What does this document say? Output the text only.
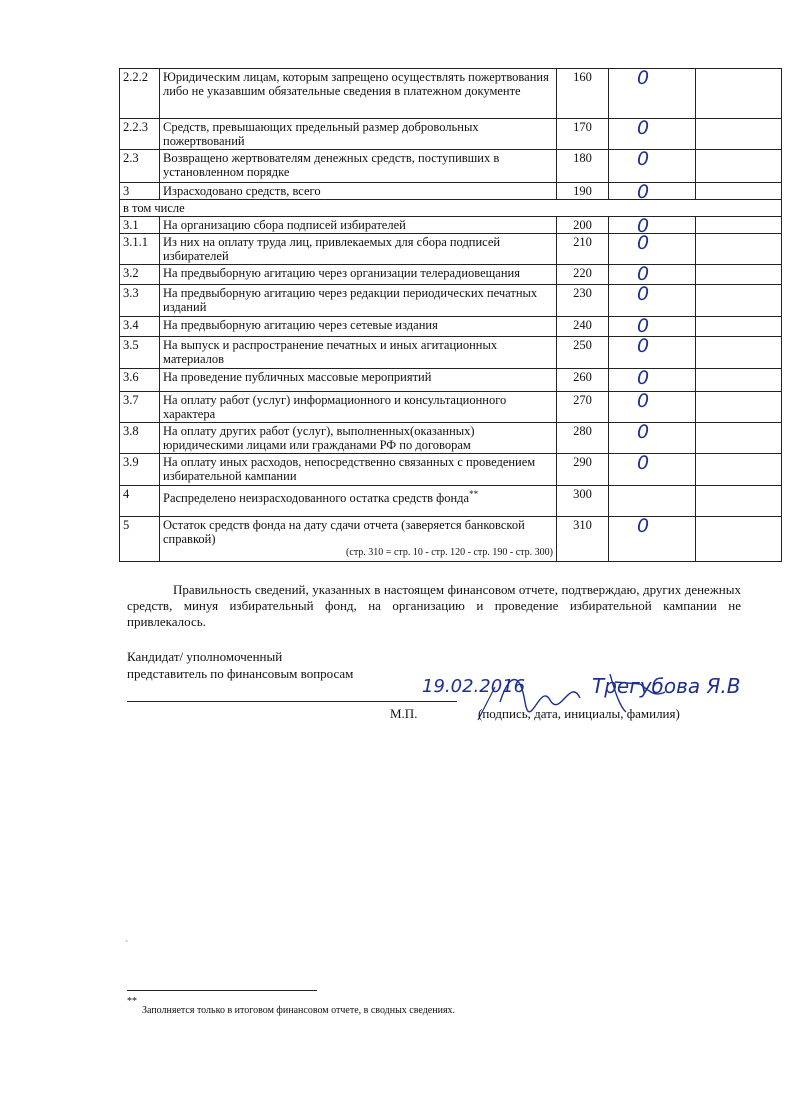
2.2.2	Юридическим лицам, которым запрещено осуществлять пожертвования либо не указавшим обязательные сведения в платежном документе	160	0	

2.2.3	Средств, превышающих предельный размер добровольных пожертвований	170	0	

2.3	Возвращено жертвователям денежных средств, поступивших в установленном порядке	180	0	

3	Израсходовано средств, всего	190	0	

в том числе				
3.1	На организацию сбора подписей избирателей	200	0	

3.1.1	Из них на оплату труда лиц, привлекаемых для сбора подписей избирателей	210	0	

3.2	На предвыборную агитацию через организации телерадиовещания	220	0	

3.3	На предвыборную агитацию через редакции периодических печатных изданий	230	0	

3.4	На предвыборную агитацию через сетевые издания	240	0	

3.5	На выпуск и распространение печатных и иных агитационных материалов	250	0	

3.6	На проведение публичных массовые мероприятий	260	0	

3.7	На оплату работ (услуг) информационного и консультационного характера	270	0	

3.8	На оплату других работ (услуг), выполненных(оказанных) юридическими лицами или гражданами РФ по договорам	280	0	

3.9	На оплату иных расходов, непосредственно связанных с проведением избирательной кампании	290	0	

4	Распределено неизрасходованного остатка средств фонда**	300	

5	Остаток средств фонда на дату сдачи отчета (заверяется банковской справкой)
(стр. 310 = стр. 10 - стр. 120 - стр. 190 - стр. 300)	310	0	

Правильность сведений, указанных в настоящем финансовом отчете, подтверждаю, других денежных средств, минуя избирательный фонд, на организацию и проведение избирательной кампании не привлекалось.
Кандидат/ уполномоченный
представитель по финансовым вопросам
19.02.2016	Трегубова Я.В
М.П.	(подпись, дата, инициалы, фамилия)
ˋ
**
Заполняется только в итоговом финансовом отчете, в сводных сведениях.
